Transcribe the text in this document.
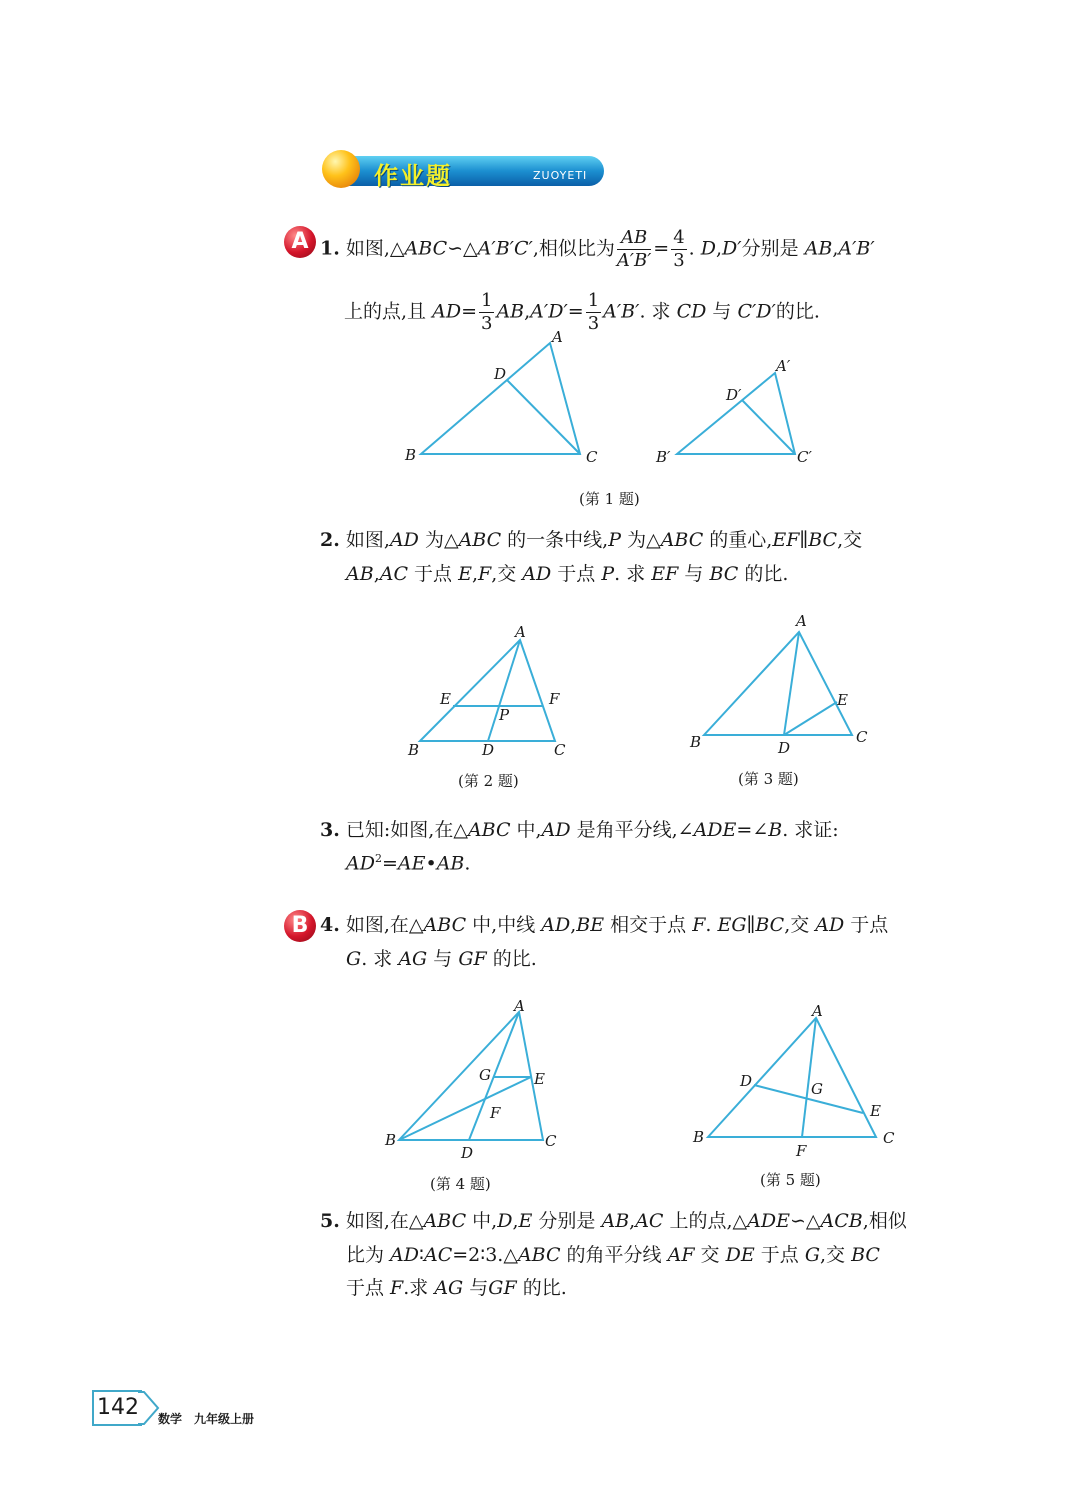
作业题	ZUOYETI
A 1. 如图,△ABC∽△A′B′C′,相似比为 $\frac{AB}{A'B'} = \frac{4}{3}$ . D,D′分别是 AB,A′B′
上的点,且 $AD= \frac{1}{3} AB,A'D'= \frac{1}{3} A'B'$. 求 CD 与 C′D′的比.
A
D
B	C
A′
D′
B′	C′
(第 1 题)
2. 如图,AD 为△ABC 的一条中线,P 为△ABC 的重心,EF∥BC,交
AB,AC 于点 E,F,交 AD 于点 P. 求 EF 与 BC 的比.
A
E	F
P
B	D	C
(第 2 题)
A
E
B	D
C
(第 3 题)
3. 已知:如图,在△ABC 中,AD 是角平分线,∠ADE=∠B. 求证:
$AD^2=AE•AB$.
B 4. 如图,在△ABC 中,中线 AD,BE 相交于点 F. EG∥BC,交 AD 于点
G. 求 AG 与 GF 的比.
A
G	E
F
B
D
C
(第 4 题)
A
D	G
E
B
F
C
(第 5 题)
5. 如图,在△ABC 中,D,E 分别是 AB,AC 上的点,△ADE∽△ACB,相似
比为 AD∶AC=2∶3.△ABC 的角平分线 AF 交 DE 于点 G,交 BC
于点 F.求 AG 与GF 的比.
142 数学　九年级上册
